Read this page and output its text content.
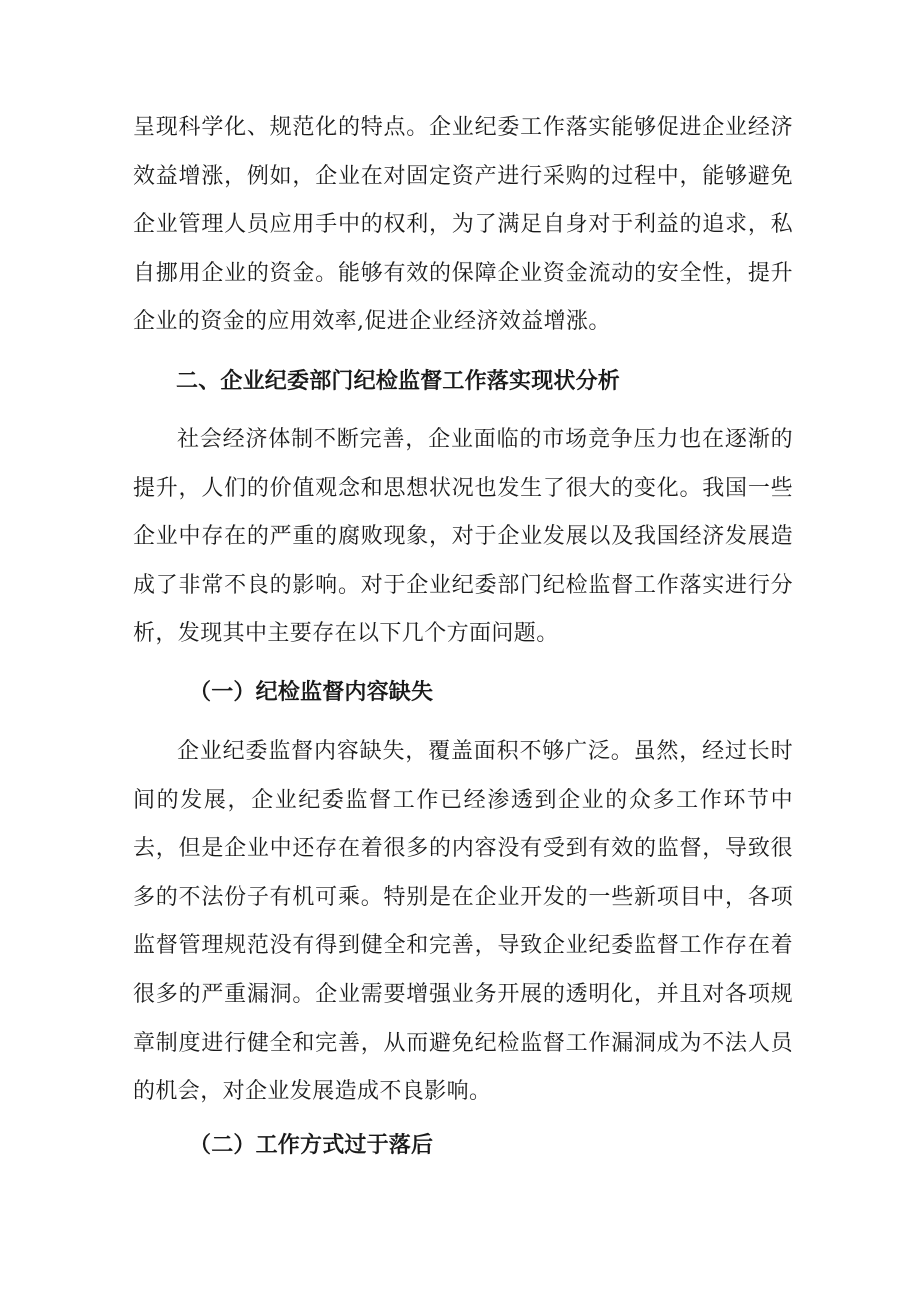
呈现科学化、规范化的特点。企业纪委工作落实能够促进企业经济效益增涨，例如，企业在对固定资产进行采购的过程中，能够避免企业管理人员应用手中的权利，为了满足自身对于利益的追求，私自挪用企业的资金。能够有效的保障企业资金流动的安全性，提升企业的资金的应用效率,促进企业经济效益增涨。

二、企业纪委部门纪检监督工作落实现状分析

社会经济体制不断完善，企业面临的市场竞争压力也在逐渐的提升，人们的价值观念和思想状况也发生了很大的变化。我国一些企业中存在的严重的腐败现象，对于企业发展以及我国经济发展造成了非常不良的影响。对于企业纪委部门纪检监督工作落实进行分析，发现其中主要存在以下几个方面问题。

（一）纪检监督内容缺失

企业纪委监督内容缺失，覆盖面积不够广泛。虽然，经过长时间的发展，企业纪委监督工作已经渗透到企业的众多工作环节中去，但是企业中还存在着很多的内容没有受到有效的监督，导致很多的不法份子有机可乘。特别是在企业开发的一些新项目中，各项监督管理规范没有得到健全和完善，导致企业纪委监督工作存在着很多的严重漏洞。企业需要增强业务开展的透明化，并且对各项规章制度进行健全和完善，从而避免纪检监督工作漏洞成为不法人员的机会，对企业发展造成不良影响。

（二）工作方式过于落后
